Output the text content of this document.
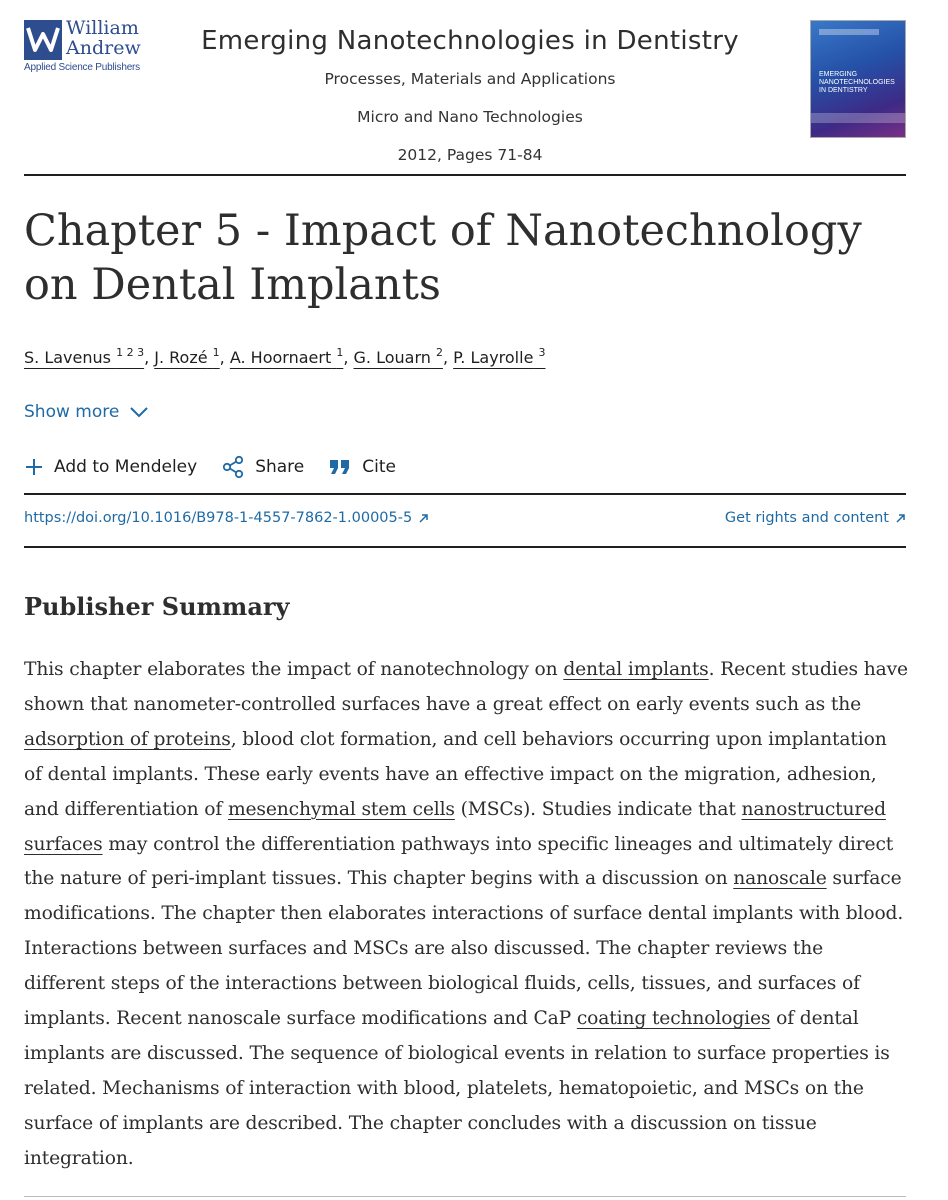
William
Andrew
Applied Science Publishers
Emerging Nanotechnologies in Dentistry
Processes, Materials and Applications
Micro and Nano Technologies
2012, Pages 71-84
EMERGING
NANOTECHNOLOGIES
IN DENTISTRY
Chapter 5 - Impact of Nanotechnology on Dental Implants
S. Lavenus $^{1 2 3}$, J. Rozé $^1$, A. Hoornaert $^1$, G. Louarn $^2$, P. Layrolle $^3$
Show more
Add to Mendeley	Share	Cite
https://doi.org/10.1016/B978-1-4557-7862-1.00005-5	Get rights and content
Publisher Summary

This chapter elaborates the impact of nanotechnology on dental implants. Recent studies have shown that nanometer-controlled surfaces have a great effect on early events such as the adsorption of proteins, blood clot formation, and cell behaviors occurring upon implantation of dental implants. These early events have an effective impact on the migration, adhesion, and differentiation of mesenchymal stem cells (MSCs). Studies indicate that nanostructured surfaces may control the differentiation pathways into specific lineages and ultimately direct the nature of peri-implant tissues. This chapter begins with a discussion on nanoscale surface modifications. The chapter then elaborates interactions of surface dental implants with blood. Interactions between surfaces and MSCs are also discussed. The chapter reviews the different steps of the interactions between biological fluids, cells, tissues, and surfaces of implants. Recent nanoscale surface modifications and CaP coating technologies of dental implants are discussed. The sequence of biological events in relation to surface properties is related. Mechanisms of interaction with blood, platelets, hematopoietic, and MSCs on the surface of implants are described. The chapter concludes with a discussion on tissue integration.
